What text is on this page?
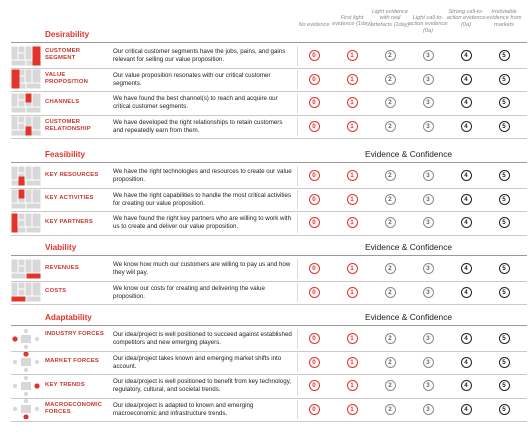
No evidence
First light evidence (1day)
Light evidence with real artefacts (1day)
Light call-to-action evidence (0a)
Strong call-to-action evidence (0a)
Irrefutable evidence from markets
Desirability
CUSTOMER SEGMENT
Our critical customer segments have the jobs, pains, and gains relevant for selling our value proposition.
0	1	2	3	4	5
VALUE PROPOSITION
Our value proposition resonates with our critical customer segments.
0	1	2	3	4	5
CHANNELS	We have found the best channel(s) to reach and acquire our critical customer segments.
0	1	2	3	4	5
CUSTOMER RELATIONSHIP
We have developed the right relationships to retain customers and repeatedly earn from them.
0	1	2	3	4	5
Feasibility	Evidence & Confidence
KEY RESOURCES	We have the right technologies and resources to create our value proposition.
0	1	2	3	4	5
KEY ACTIVITIES	We have the right capabilities to handle the most critical activities for creating our value proposition.
0	1	2	3	4	5
KEY PARTNERS	We have found the right key partners who are willing to work with us to create and deliver our value proposition.
0	1	2	3	4	5
Viability	Evidence & Confidence
REVENUES	We know how much our customers are willing to pay us and how they will pay.
0	1	2	3	4	5
COSTS	We know our costs for creating and delivering the value proposition.
0	1	2	3	4	5
Adaptability	Evidence & Confidence
INDUSTRY FORCES Our idea/project is well positioned to succeed against established competitors and new emerging players.
0	1	2	3	4	5
MARKET FORCES	Our idea/project takes known and emerging market shifts into account.
0	1	2	3	4	5
KEY TRENDS	Our idea/project is well positioned to benefit from key technology, regulatory, cultural, and societal trends.
0	1	2	3	4	5
MACROECONOMIC FORCES
Our idea/project is adapted to known and emerging macroeconomic and infrastructure trends.
0	1	2	3	4	5
